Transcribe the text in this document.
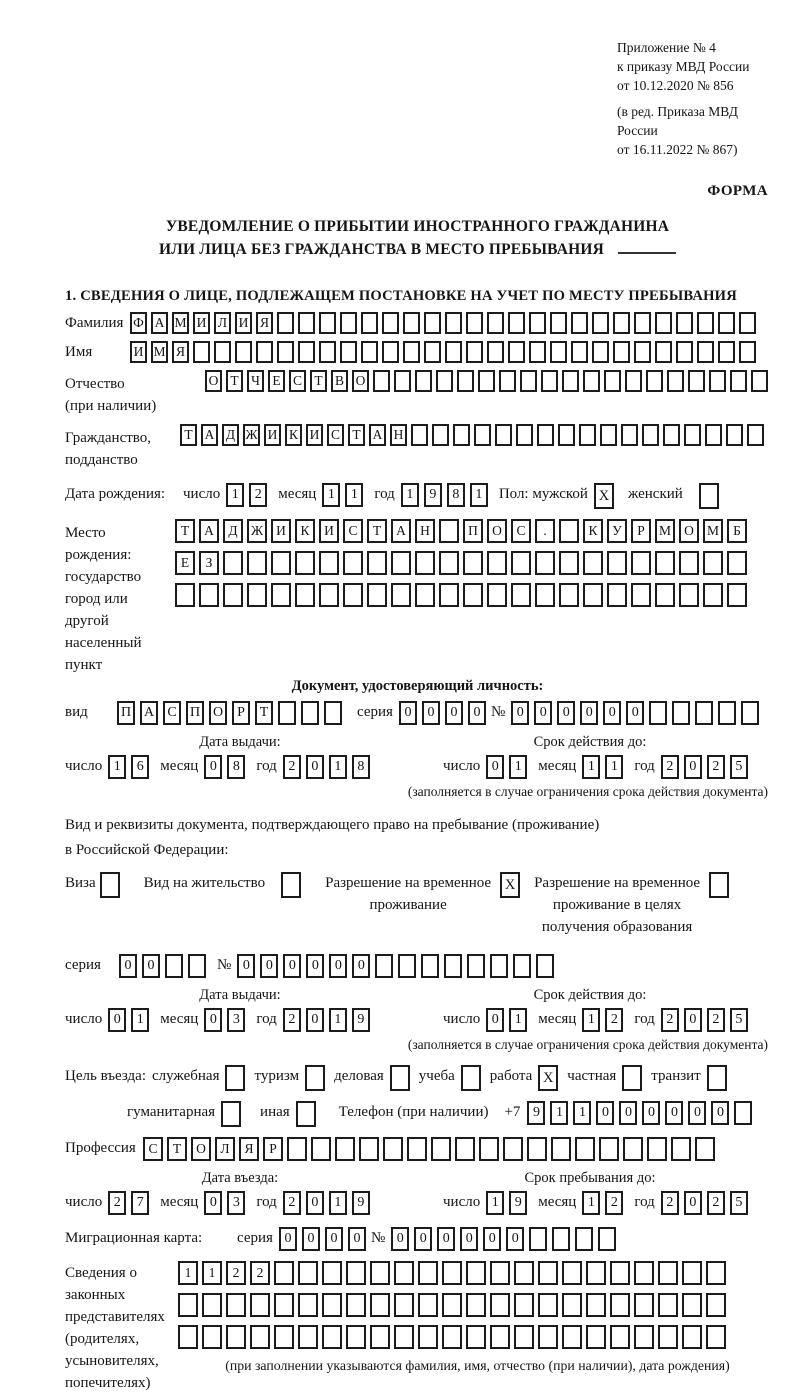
Приложение № 4
к приказу МВД России
от 10.12.2020 № 856
(в ред. Приказа МВД России
от 16.11.2022 № 867)
ФОРМА
УВЕДОМЛЕНИЕ О ПРИБЫТИИ ИНОСТРАННОГО ГРАЖДАНИНА
ИЛИ ЛИЦА БЕЗ ГРАЖДАНСТВА В МЕСТО ПРЕБЫВАНИЯ
1. СВЕДЕНИЯ О ЛИЦЕ, ПОДЛЕЖАЩЕМ ПОСТАНОВКЕ НА УЧЕТ ПО МЕСТУ ПРЕБЫВАНИЯ
Фамилия Ф А М И Л И Я
Имя	И М Я
Отчество
(при наличии)
О Т Ч Е С Т В О
Гражданство,
подданство
Т А Д Ж И К И С Т А Н
Дата рождения:	число 1	2	месяц 1	1	год 1	9	8	1	Пол: мужской X	женский
Место рождения:
государство
город или другой
населенный пункт
Т	А	Д Ж И	К	И	С	Т	А	Н	П	О	С	.	К	У	Р	М О М	Б
Е	З
Документ, удостоверяющий личность:
вид	П А С П О	Р	Т	серия 0	0	0	0 № 0	0	0	0	0	0
Дата выдачи:	Срок действия до:
число 1	6	месяц 0	8	год 2	0	1	8	число 0	1	месяц 1	1	год 2	0	2	5
(заполняется в случае ограничения срока действия документа)
Вид и реквизиты документа, подтверждающего право на пребывание (проживание)
в Российской Федерации:
Виза	Вид на жительство	Разрешение на временное
проживание
X	Разрешение на временное
проживание в целях
получения образования
серия	0	0	№ 0	0	0	0	0	0
Дата выдачи:	Срок действия до:
число 0	1	месяц 0	3	год 2	0	1	9	число 0	1	месяц 1	2	год 2	0	2	5
(заполняется в случае ограничения срока действия документа)
Цель въезда: служебная туризм деловая учеба работа X частная транзит
гуманитарная	иная	Телефон (при наличии) +7 9	1	1	0	0	0	0	0	0
Профессия С	Т	О	Л	Я	Р
Дата въезда:	Срок пребывания до:
число 2	7	месяц 0	3	год 2	0	1	9	число 1	9	месяц 1	2	год 2	0	2	5
Миграционная карта:	серия 0	0	0	0 № 0	0	0	0	0	0
Сведения о
законных
представителях
(родителях,
усыновителях,
попечителях)
1	1	2	2
(при заполнении указываются фамилия, имя, отчество (при наличии), дата рождения)
